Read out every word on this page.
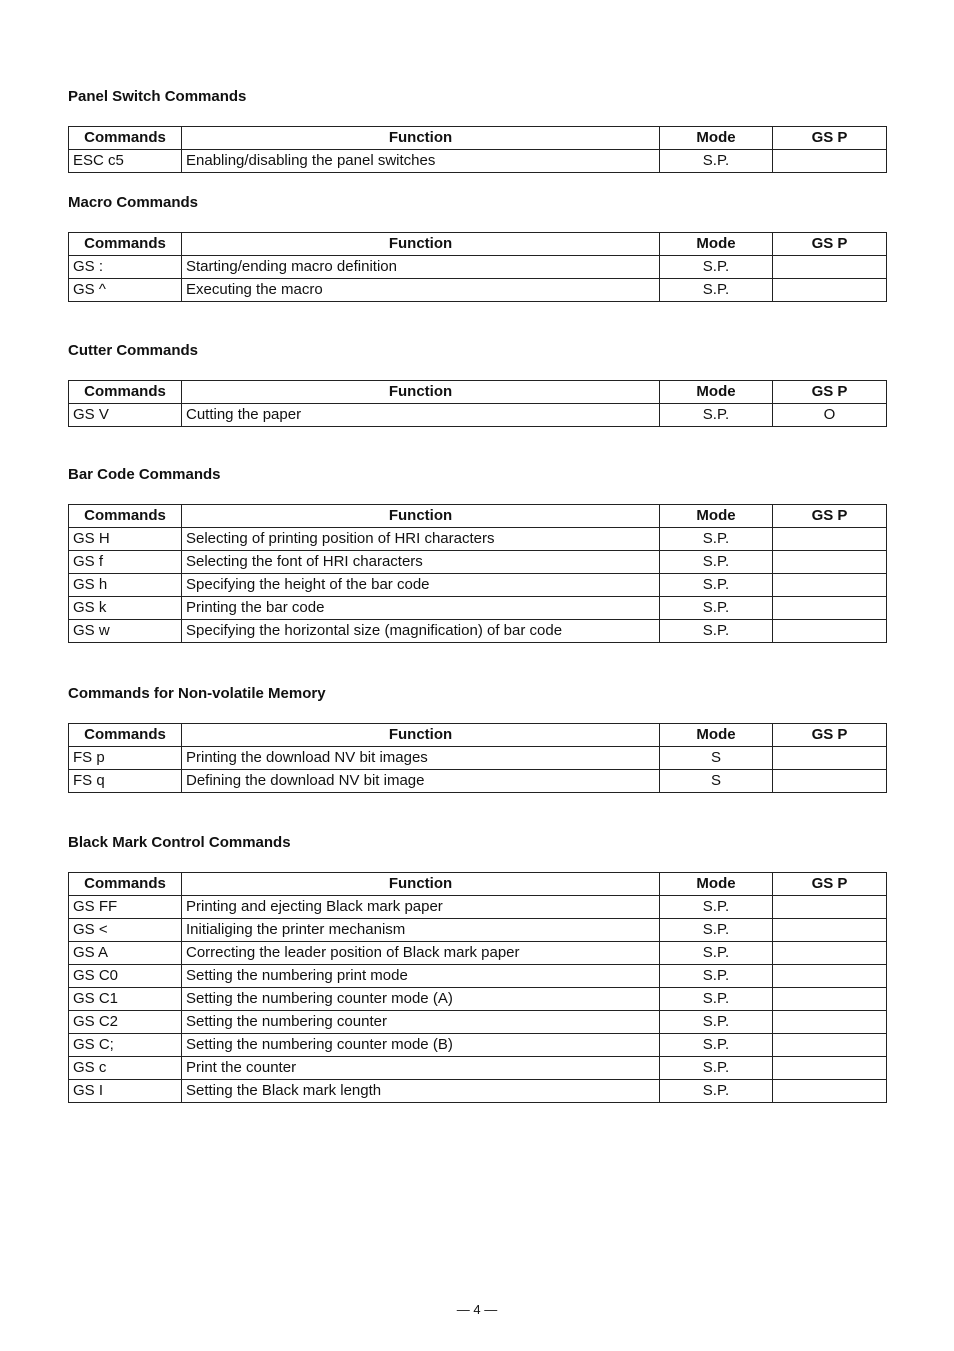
Panel Switch Commands
Commands	Function	Mode	GS P
ESC c5	Enabling/disabling the panel switches	S.P.	
Macro Commands
Commands	Function	Mode	GS P
GS :	Starting/ending macro definition	S.P.	
GS ^	Executing the macro	S.P.	
Cutter Commands
Commands	Function	Mode	GS P
GS V	Cutting the paper	S.P.	O
Bar Code Commands
Commands	Function	Mode	GS P
GS H	Selecting of printing position of HRI characters	S.P.	
GS f	Selecting the font of HRI characters	S.P.	
GS h	Specifying the height of the bar code	S.P.	
GS k	Printing the bar code	S.P.	
GS w	Specifying the horizontal size (magnification) of bar code	S.P.	
Commands for Non-volatile Memory
Commands	Function	Mode	GS P
FS p	Printing the download NV bit images	S	
FS q	Defining the download NV bit image	S	
Black Mark Control Commands
Commands	Function	Mode	GS P
GS FF	Printing and ejecting Black mark paper	S.P.	
GS <	Initialiging the printer mechanism	S.P.	
GS A	Correcting the leader position of Black mark paper	S.P.	
GS C0	Setting the numbering print mode	S.P.	
GS C1	Setting the numbering counter mode (A)	S.P.	
GS C2	Setting the numbering counter	S.P.	
GS C;	Setting the numbering counter mode (B)	S.P.	
GS c	Print the counter	S.P.	
GS I	Setting the Black mark length	S.P.	
— 4 —
